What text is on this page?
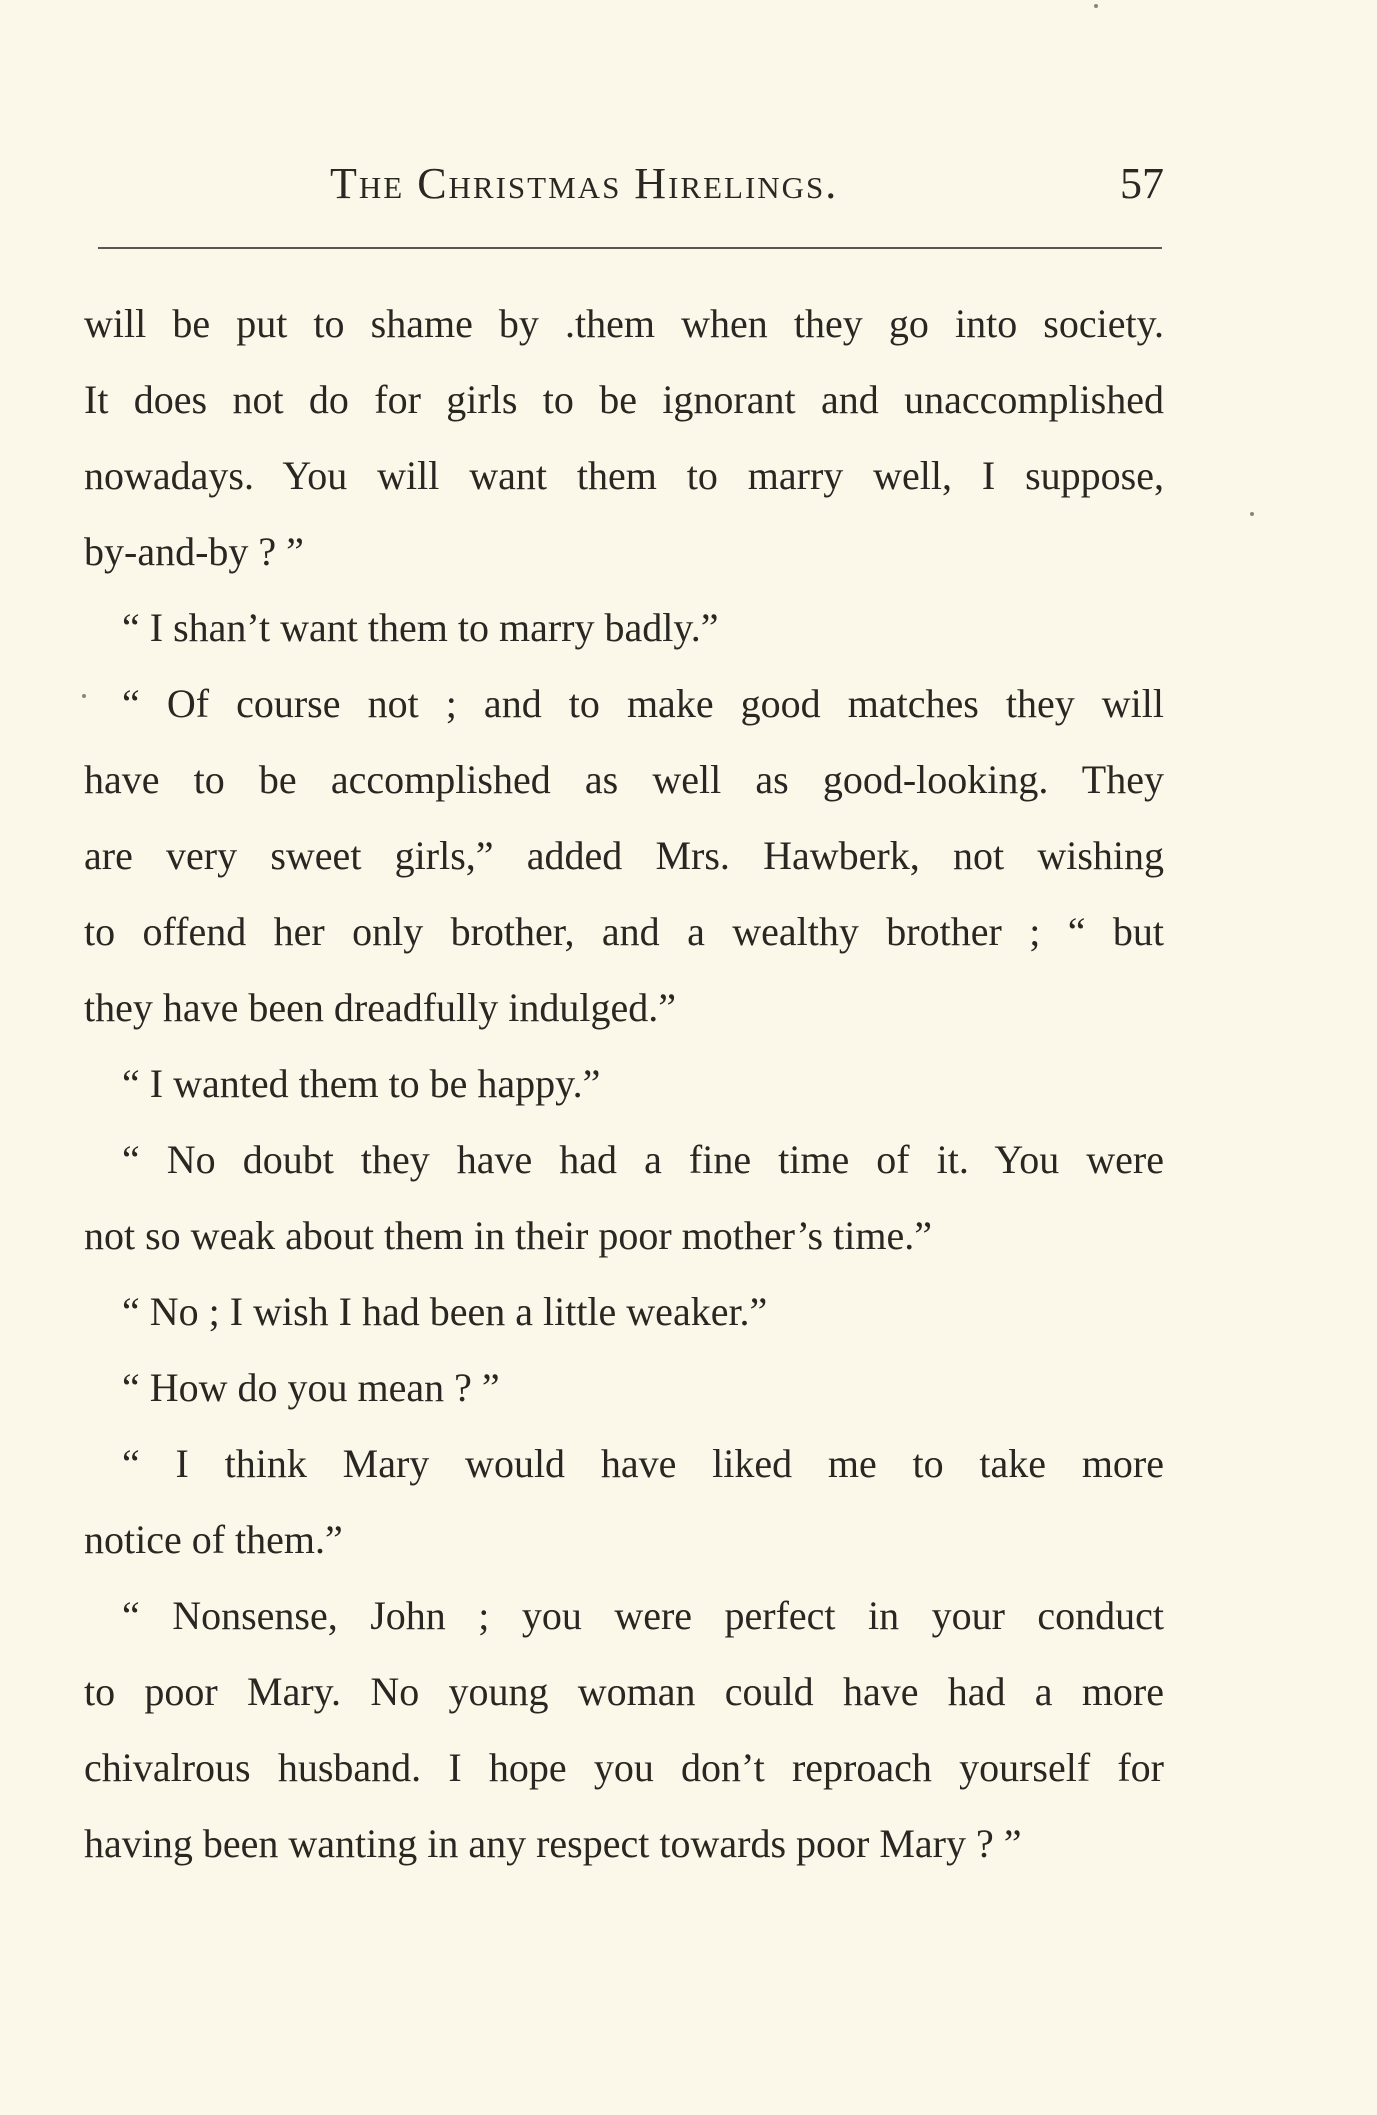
The Christmas Hirelings.	57
will be put to shame by .them when they go into society.
It does not do for girls to be ignorant and unaccomplished
nowadays. You will want them to marry well, I suppose,
by-and-by ? ”
“ I shan’t want them to marry badly.”
“ Of course not ; and to make good matches they will
have to be accomplished as well as good-looking. They
are very sweet girls,” added Mrs. Hawberk, not wishing
to offend her only brother, and a wealthy brother ; “ but
they have been dreadfully indulged.”
“ I wanted them to be happy.”
“ No doubt they have had a fine time of it. You were
not so weak about them in their poor mother’s time.”
“ No ; I wish I had been a little weaker.”
“ How do you mean ? ”
“ I think Mary would have liked me to take more
notice of them.”
“ Nonsense, John ; you were perfect in your conduct
to poor Mary. No young woman could have had a more
chivalrous husband. I hope you don’t reproach yourself for
having been wanting in any respect towards poor Mary ? ”
